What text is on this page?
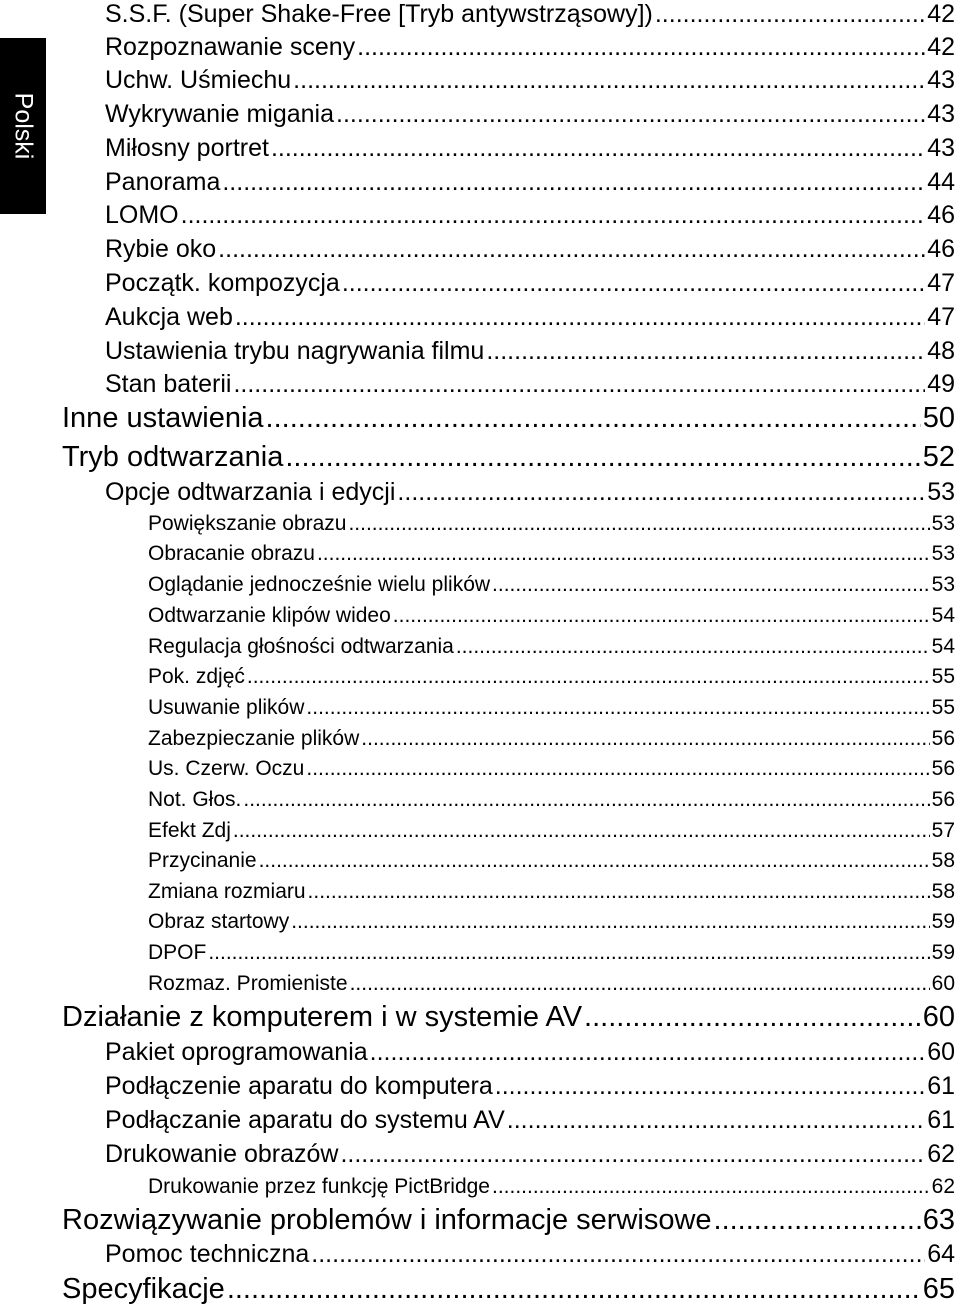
Polski
S.S.F. (Super Shake-Free [Tryb antywstrząsowy]) .....	42
Rozpoznawanie sceny .....	42
Uchw. Uśmiechu .....	43
Wykrywanie migania .....	43
Miłosny portret .....	43
Panorama .....	44
LOMO .....	46
Rybie oko .....	46
Początk. kompozycja .....	47
Aukcja web .....	47
Ustawienia trybu nagrywania filmu .....	48
Stan baterii .....	49
Inne ustawienia .....	50
Tryb odtwarzania .....	52
Opcje odtwarzania i edycji .....	53
Powiększanie obrazu .....	53
Obracanie obrazu .....	53
Oglądanie jednocześnie wielu plików .....	53
Odtwarzanie klipów wideo .....	54
Regulacja głośności odtwarzania .....	54
Pok. zdjęć .....	55
Usuwanie plików .....	55
Zabezpieczanie plików .....	56
Us. Czerw. Oczu .....	56
Not. Głos. .....	56
Efekt Zdj .....	57
Przycinanie .....	58
Zmiana rozmiaru .....	58
Obraz startowy .....	59
DPOF .....	59
Rozmaz. Promieniste .....	60
Działanie z komputerem i w systemie AV .....	60
Pakiet oprogramowania .....	60
Podłączenie aparatu do komputera .....	61
Podłączanie aparatu do systemu AV .....	61
Drukowanie obrazów .....	62
Drukowanie przez funkcję PictBridge .....	62
Rozwiązywanie problemów i informacje serwisowe .....	63
Pomoc techniczna .....	64
Specyfikacje .....	65
